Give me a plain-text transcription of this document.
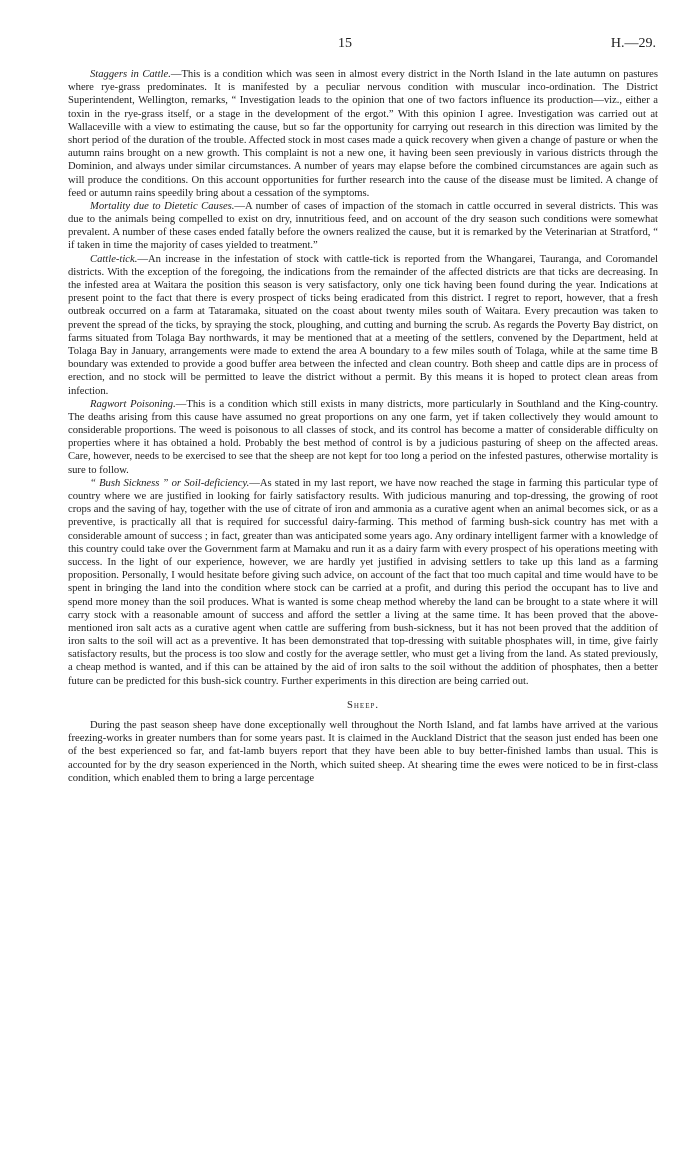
15	H.—29.

Staggers in Cattle.—This is a condition which was seen in almost every district in the North Island in the late autumn on pastures where rye-grass predominates. It is manifested by a peculiar nervous condition with muscular inco-ordination. The District Superintendent, Wellington, remarks, “ Investigation leads to the opinion that one of two factors influence its production—viz., either a toxin in the rye-grass itself, or a stage in the development of the ergot.” With this opinion I agree. Investigation was carried out at Wallaceville with a view to estimating the cause, but so far the opportunity for carrying out research in this direction was limited by the short period of the duration of the trouble. Affected stock in most cases made a quick recovery when given a change of pasture or when the autumn rains brought on a new growth. This complaint is not a new one, it having been seen previously in various districts through the Dominion, and always under similar circumstances. A number of years may elapse before the combined circumstances are again such as will produce the conditions. On this account opportunities for further research into the cause of the disease must be limited. A change of feed or autumn rains speedily bring about a cessation of the symptoms.

Mortality due to Dietetic Causes.—A number of cases of impaction of the stomach in cattle occurred in several districts. This was due to the animals being compelled to exist on dry, innutritious feed, and on account of the dry season such conditions were somewhat prevalent. A number of these cases ended fatally before the owners realized the cause, but it is remarked by the Veterinarian at Stratford, “ if taken in time the majority of cases yielded to treatment.”

Cattle-tick.—An increase in the infestation of stock with cattle-tick is reported from the Whangarei, Tauranga, and Coromandel districts. With the exception of the foregoing, the indications from the remainder of the affected districts are that ticks are decreasing. In the infested area at Waitara the position this season is very satisfactory, only one tick having been found during the year. Indications at present point to the fact that there is every prospect of ticks being eradicated from this district. I regret to report, however, that a fresh outbreak occurred on a farm at Tataramaka, situated on the coast about twenty miles south of Waitara. Every precaution was taken to prevent the spread of the ticks, by spraying the stock, ploughing, and cutting and burning the scrub. As regards the Poverty Bay district, on farms situated from Tolaga Bay northwards, it may be mentioned that at a meeting of the settlers, convened by the Department, held at Tolaga Bay in January, arrangements were made to extend the area A boundary to a few miles south of Tolaga, while at the same time B boundary was extended to provide a good buffer area between the infected and clean country. Both sheep and cattle dips are in process of erection, and no stock will be permitted to leave the district without a permit. By this means it is hoped to protect clean areas from infection.

Ragwort Poisoning.—This is a condition which still exists in many districts, more particularly in Southland and the King-country. The deaths arising from this cause have assumed no great proportions on any one farm, yet if taken collectively they would amount to considerable proportions. The weed is poisonous to all classes of stock, and its control has become a matter of considerable difficulty on properties where it has obtained a hold. Probably the best method of control is by a judicious pasturing of sheep on the affected areas. Care, however, needs to be exercised to see that the sheep are not kept for too long a period on the infested pastures, otherwise mortality is sure to follow.

“ Bush Sickness ” or Soil-deficiency.—As stated in my last report, we have now reached the stage in farming this particular type of country where we are justified in looking for fairly satisfactory results. With judicious manuring and top-dressing, the growing of root crops and the saving of hay, together with the use of citrate of iron and ammonia as a curative agent when an animal becomes sick, or as a preventive, is practically all that is required for successful dairy-farming. This method of farming bush-sick country has met with a considerable amount of success ; in fact, greater than was anticipated some years ago. Any ordinary intelligent farmer with a knowledge of this country could take over the Government farm at Mamaku and run it as a dairy farm with every prospect of his operations meeting with success. In the light of our experience, however, we are hardly yet justified in advising settlers to take up this land as a farming proposition. Personally, I would hesitate before giving such advice, on account of the fact that too much capital and time would have to be spent in bringing the land into the condition where stock can be carried at a profit, and during this period the occupant has to live and spend more money than the soil produces. What is wanted is some cheap method whereby the land can be brought to a state where it will carry stock with a reasonable amount of success and afford the settler a living at the same time. It has been proved that the above-mentioned iron salt acts as a curative agent when cattle are suffering from bush-sickness, but it has not been proved that the addition of iron salts to the soil will act as a preventive. It has been demonstrated that top-dressing with suitable phosphates will, in time, give fairly satisfactory results, but the process is too slow and costly for the average settler, who must get a living from the land. As stated previously, a cheap method is wanted, and if this can be attained by the aid of iron salts to the soil without the addition of phosphates, then a better future can be predicted for this bush-sick country. Further experiments in this direction are being carried out.

Sheep.

During the past season sheep have done exceptionally well throughout the North Island, and fat lambs have arrived at the various freezing-works in greater numbers than for some years past. It is claimed in the Auckland District that the season just ended has been one of the best experienced so far, and fat-lamb buyers report that they have been able to buy better-finished lambs than usual. This is accounted for by the dry season experienced in the North, which suited sheep. At shearing time the ewes were noticed to be in first-class condition, which enabled them to bring a large percentage
